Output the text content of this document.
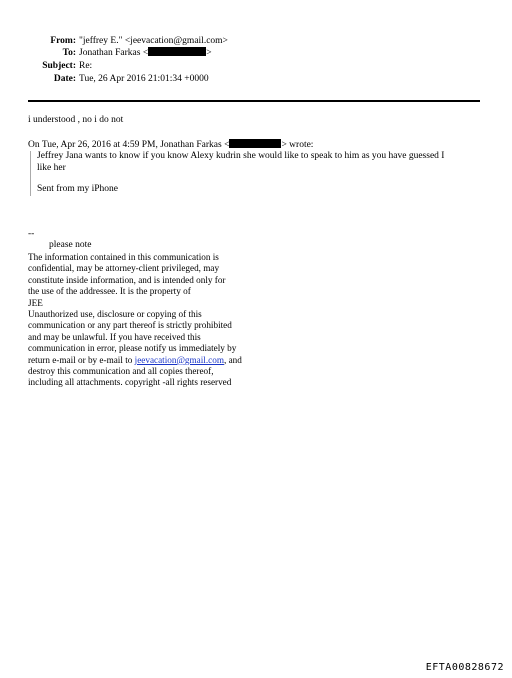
From: "jeffrey E." <jeevacation@gmail.com>
To: Jonathan Farkas <	>
Subject: Re:
Date: Tue, 26 Apr 2016 21:01:34 +0000
i understood , no i do not
On Tue, Apr 26, 2016 at 4:59 PM, Jonathan Farkas <	> wrote:
Jeffrey Jana wants to know if you know Alexy kudrin she would like to speak to him as you have guessed I
like her
Sent from my iPhone
--
please note
The information contained in this communication is
confidential, may be attorney-client privileged, may
constitute inside information, and is intended only for
the use of the addressee. It is the property of
JEE
Unauthorized use, disclosure or copying of this
communication or any part thereof is strictly prohibited
and may be unlawful. If you have received this
communication in error, please notify us immediately by
return e-mail or by e-mail to jeevacation@gmail.com, and
destroy this communication and all copies thereof,
including all attachments. copyright -all rights reserved
EFTA00828672
